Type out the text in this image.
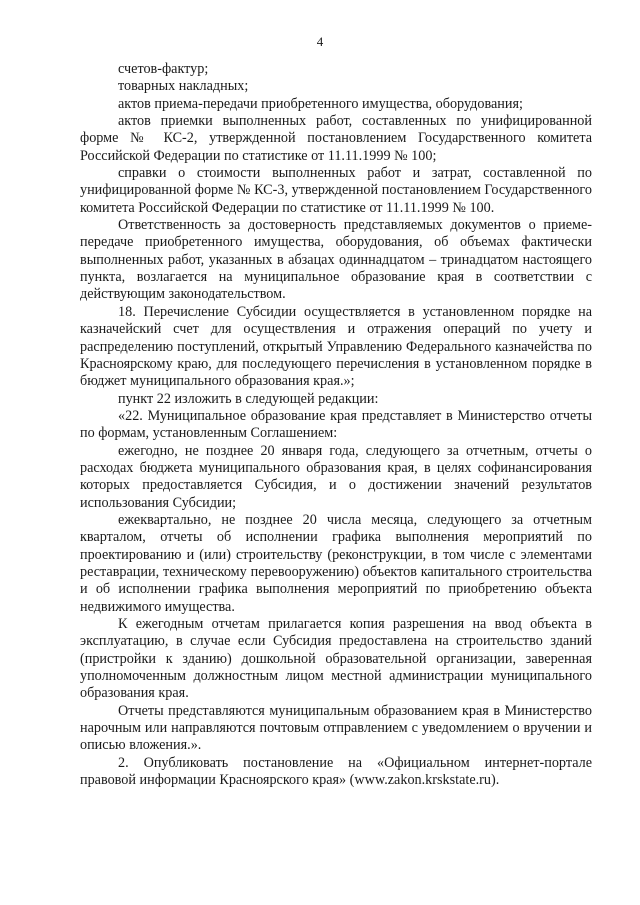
4

счетов-фактур;

товарных накладных;

актов приема-передачи приобретенного имущества, оборудования;

актов приемки выполненных работ, составленных по унифицированной форме № КС-2, утвержденной постановлением Государственного комитета Российской Федерации по статистике от 11.11.1999 № 100;

справки о стоимости выполненных работ и затрат, составленной по унифицированной форме № КС-3, утвержденной постановлением Государственного комитета Российской Федерации по статистике от 11.11.1999 № 100.

Ответственность за достоверность представляемых документов о приеме-передаче приобретенного имущества, оборудования, об объемах фактически выполненных работ, указанных в абзацах одиннадцатом – тринадцатом настоящего пункта, возлагается на муниципальное образование края в соответствии с действующим законодательством.

18. Перечисление Субсидии осуществляется в установленном порядке на казначейский счет для осуществления и отражения операций по учету и распределению поступлений, открытый Управлению Федерального казначейства по Красноярскому краю, для последующего перечисления в установленном порядке в бюджет муниципального образования края.»;

пункт 22 изложить в следующей редакции:

«22. Муниципальное образование края представляет в Министерство отчеты по формам, установленным Соглашением:

ежегодно, не позднее 20 января года, следующего за отчетным, отчеты о расходах бюджета муниципального образования края, в целях софинансирования которых предоставляется Субсидия, и о достижении значений результатов использования Субсидии;

ежеквартально, не позднее 20 числа месяца, следующего за отчетным кварталом, отчеты об исполнении графика выполнения мероприятий по проектированию и (или) строительству (реконструкции, в том числе с элементами реставрации, техническому перевооружению) объектов капитального строительства и об исполнении графика выполнения мероприятий по приобретению объекта недвижимого имущества.

К ежегодным отчетам прилагается копия разрешения на ввод объекта в эксплуатацию, в случае если Субсидия предоставлена на строительство зданий (пристройки к зданию) дошкольной образовательной организации, заверенная уполномоченным должностным лицом местной администрации муниципального образования края.

Отчеты представляются муниципальным образованием края в Министерство нарочным или направляются почтовым отправлением с уведомлением о вручении и описью вложения.».

2. Опубликовать постановление на «Официальном интернет-портале правовой информации Красноярского края» (www.zakon.krskstate.ru).
